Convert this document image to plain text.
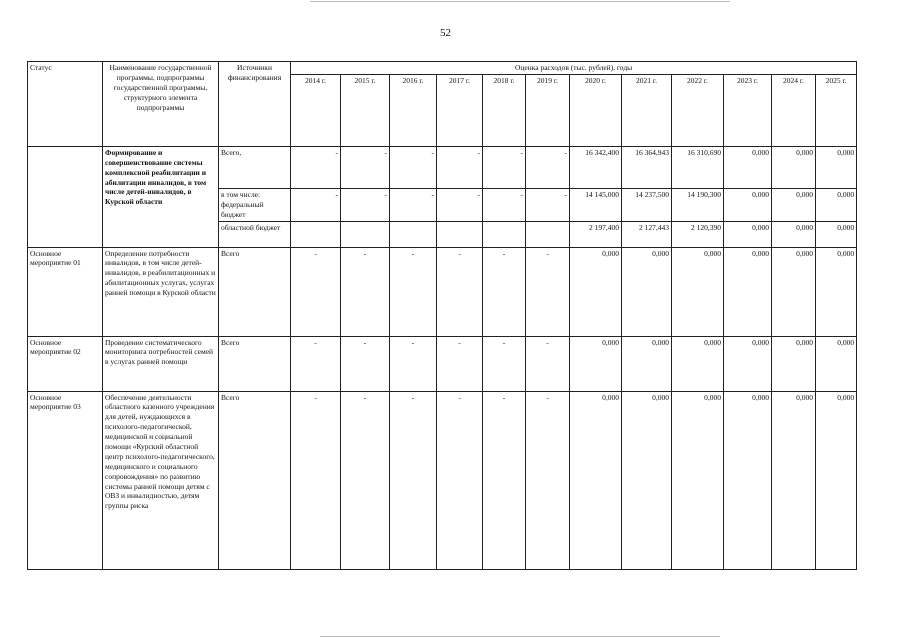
52
Статус	Наименование государственной программы, подпрограммы государственной программы, структурного элемента подпрограммы	Источники финансирования	Оценка расходов (тыс. рублей), годы											
			2014 г.	2015 г.	2016 г.	2017 г.	2018 г.	2019 г.	2020 г.	2021 г.	2022 г.	2023 г.	2024 г.	2025 г.
	Формирование и совершенствование системы комплексной реабилитации и абилитации инвалидов, в том числе детей-инвалидов, в Курской области	Всего,	-	-	-	-	-	-	16 342,400	16 364,943	16 310,690	0,000	0,000	0,000
		в том числе: федеральный бюджет	-	-	-	-	-	-	14 145,000	14 237,500	14 190,300	0,000	0,000	0,000
		областной бюджет							2 197,400	2 127,443	2 120,390	0,000	0,000	0,000
Основное мероприятие 01	Определение потребности инвалидов, в том числе детей-инвалидов, в реабилитационных и абилитационных услугах, услугах ранней помощи в Курской области	Всего	-	-	-	-	-	-	0,000	0,000	0,000	0,000	0,000	0,000
Основное мероприятие 02	Проведение систематического мониторинга потребностей семей в услугах ранней помощи	Всего	-	-	-	-	-	-	0,000	0,000	0,000	0,000	0,000	0,000
Основное мероприятие 03	Обеспечение деятельности областного казенного учреждения для детей, нуждающихся в психолого-педагогической, медицинской и социальной помощи «Курский областной центр психолого-педагогического, медицинского и социального сопровождения» по развитию системы ранней помощи детям с ОВЗ и инвалидностью, детям группы риска	Всего	-	-	-	-	-	-	0,000	0,000	0,000	0,000	0,000	0,000
